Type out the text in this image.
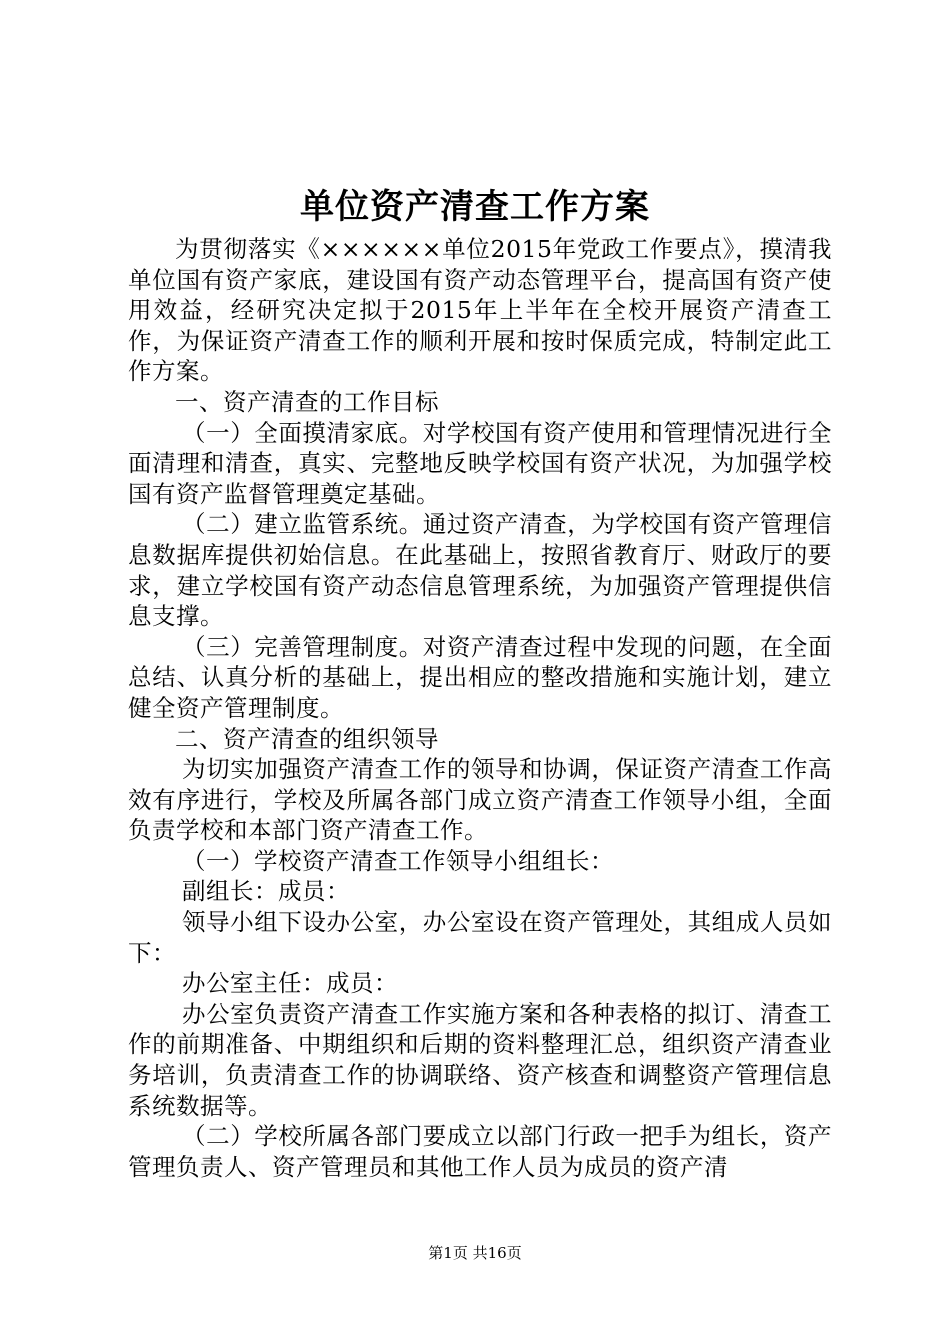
单位资产清查工作方案

为贯彻落实《××××××单位2015年党政工作要点》，摸清我单位国有资产家底，建设国有资产动态管理平台，提高国有资产使用效益，经研究决定拟于2015年上半年在全校开展资产清查工作，为保证资产清查工作的顺利开展和按时保质完成，特制定此工作方案。

一、资产清查的工作目标

（一）全面摸清家底。对学校国有资产使用和管理情况进行全面清理和清查，真实、完整地反映学校国有资产状况，为加强学校国有资产监督管理奠定基础。

（二）建立监管系统。通过资产清查，为学校国有资产管理信息数据库提供初始信息。在此基础上，按照省教育厅、财政厅的要求，建立学校国有资产动态信息管理系统，为加强资产管理提供信息支撑。

（三）完善管理制度。对资产清查过程中发现的问题，在全面总结、认真分析的基础上，提出相应的整改措施和实施计划，建立健全资产管理制度。

二、资产清查的组织领导

为切实加强资产清查工作的领导和协调，保证资产清查工作高效有序进行，学校及所属各部门成立资产清查工作领导小组，全面负责学校和本部门资产清查工作。

（一）学校资产清查工作领导小组组长：

副组长：成员：

领导小组下设办公室，办公室设在资产管理处，其组成人员如下：

办公室主任：成员：

办公室负责资产清查工作实施方案和各种表格的拟订、清查工作的前期准备、中期组织和后期的资料整理汇总，组织资产清查业务培训，负责清查工作的协调联络、资产核查和调整资产管理信息系统数据等。

（二）学校所属各部门要成立以部门行政一把手为组长，资产管理负责人、资产管理员和其他工作人员为成员的资产清

第1页 共16页
